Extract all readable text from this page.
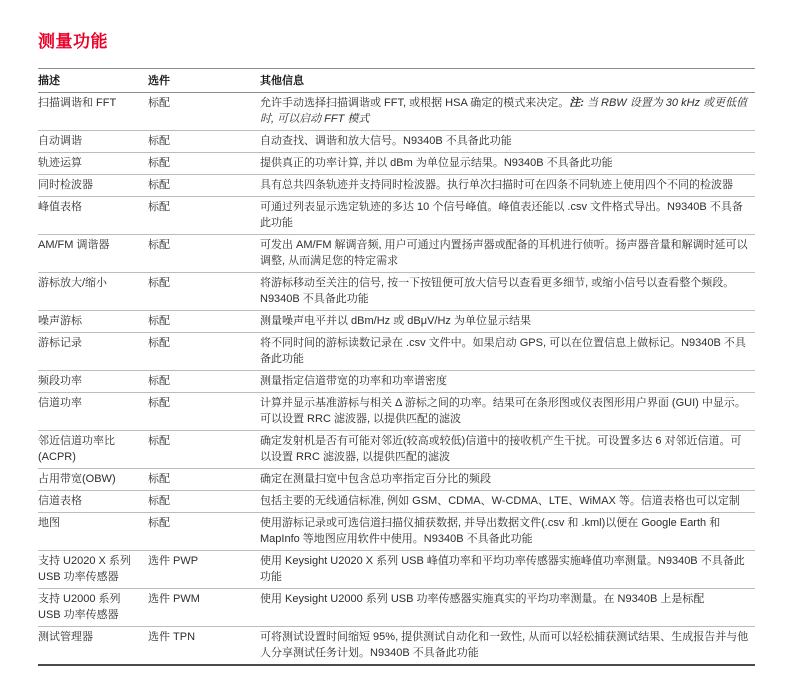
测量功能
描述	选件	其他信息
扫描调谐和 FFT	标配	允许手动选择扫描调谐或 FFT, 或根据 HSA 确定的模式来决定。注: 当 RBW 设置为 30 kHz 或更低值时, 可以启动 FFT 模式
自动调谐	标配	自动查找、调谐和放大信号。N9340B 不具备此功能
轨迹运算	标配	提供真正的功率计算, 并以 dBm 为单位显示结果。N9340B 不具备此功能
同时检波器	标配	具有总共四条轨迹并支持同时检波器。执行单次扫描时可在四条不同轨迹上使用四个不同的检波器
峰值表格	标配	可通过列表显示选定轨迹的多达 10 个信号峰值。峰值表还能以 .csv 文件格式导出。N9340B 不具备此功能
AM/FM 调谐器	标配	可发出 AM/FM 解调音频, 用户可通过内置扬声器或配备的耳机进行侦听。扬声器音量和解调时延可以调整, 从而满足您的特定需求
游标放大/缩小	标配	将游标移动至关注的信号, 按一下按钮便可放大信号以查看更多细节, 或缩小信号以查看整个频段。N9340B 不具备此功能
噪声游标	标配	测量噪声电平并以 dBm/Hz 或 dBμV/Hz 为单位显示结果
游标记录	标配	将不同时间的游标读数记录在 .csv 文件中。如果启动 GPS, 可以在位置信息上做标记。N9340B 不具备此功能
频段功率	标配	测量指定信道带宽的功率和功率谱密度
信道功率	标配	计算并显示基准游标与相关 Δ 游标之间的功率。结果可在条形图或仪表图形用户界面 (GUI) 中显示。可以设置 RRC 滤波器, 以提供匹配的滤波
邻近信道功率比(ACPR)	标配	确定发射机是否有可能对邻近(较高或较低)信道中的接收机产生干扰。可设置多达 6 对邻近信道。可以设置 RRC 滤波器, 以提供匹配的滤波
占用带宽(OBW)	标配	确定在测量扫宽中包含总功率指定百分比的频段
信道表格	标配	包括主要的无线通信标准, 例如 GSM、CDMA、W-CDMA、LTE、WiMAX 等。信道表格也可以定制
地图	标配	使用游标记录或可选信道扫描仪捕获数据, 并导出数据文件(.csv 和 .kml)以便在 Google Earth 和 MapInfo 等地图应用软件中使用。N9340B 不具备此功能
支持 U2020 X 系列 USB 功率传感器	选件 PWP	使用 Keysight U2020 X 系列 USB 峰值功率和平均功率传感器实施峰值功率测量。N9340B 不具备此功能
支持 U2000 系列 USB 功率传感器	选件 PWM	使用 Keysight U2000 系列 USB 功率传感器实施真实的平均功率测量。在 N9340B 上是标配
测试管理器	选件 TPN	可将测试设置时间缩短 95%, 提供测试自动化和一致性, 从而可以轻松捕获测试结果、生成报告并与他人分享测试任务计划。N9340B 不具备此功能
